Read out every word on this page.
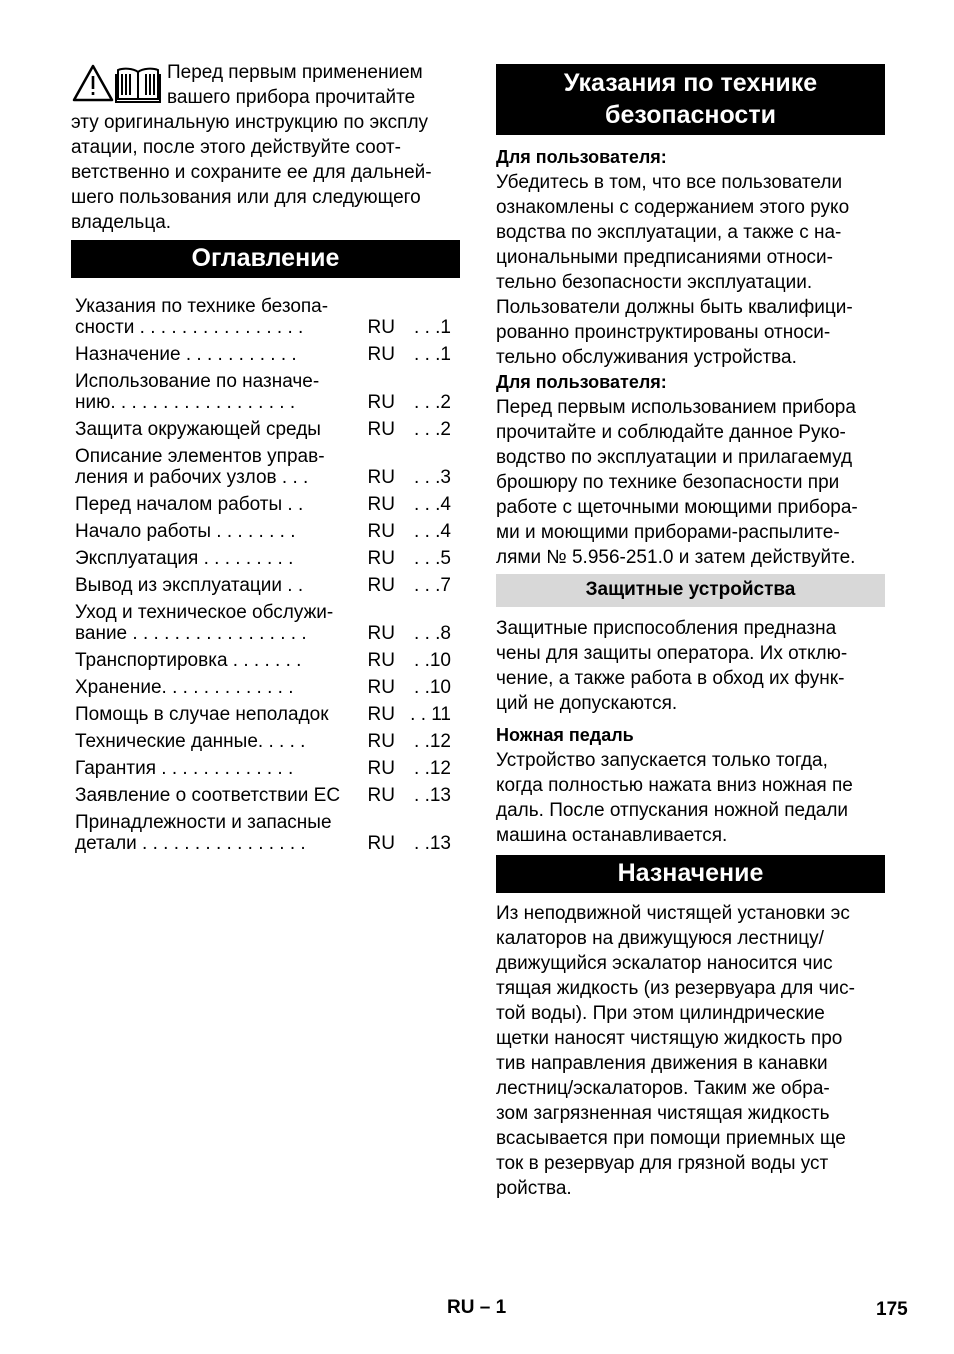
Перед первым применением

вашего прибора прочитайте

эту оригинальную инструкцию по эксплу

атации, после этого действуйте соот-

ветственно и сохраните ее для дальней-

шего пользования или для следующего

владельца.

Оглавление
Указания по технике безопа-
сности . . . . . . . . . . . . . . . .	RU . . .1
Назначение . . . . . . . . . . .	RU . . .1
Использование по назначе-
нию. . . . . . . . . . . . . . . . . .	RU . . .2
Защита окружающей среды	RU . . .2
Описание элементов управ-
ления и рабочих узлов . . .	RU . . .3
Перед началом работы . .	RU . . .4
Начало работы . . . . . . . .	RU . . .4
Эксплуатация . . . . . . . . .	RU . . .5
Вывод из эксплуатации . .	RU . . .7
Уход и техническое обслужи-
вание . . . . . . . . . . . . . . . . .	RU . . .8
Транспортировка . . . . . . .	RU . .10
Хранение. . . . . . . . . . . . .	RU . .10
Помощь в случае неполадок	RU . . 11
Технические данные. . . . .	RU . .12
Гарантия . . . . . . . . . . . . .	RU . .12
Заявление о соответствии ЕС	RU . .13
Принадлежности и запасные
детали . . . . . . . . . . . . . . . .	RU . .13
Указания по технике
безопасности

Для пользователя:

Убедитесь в том, что все пользователи

ознакомлены с содержанием этого руко

водства по эксплуатации, а также с на-

циональными предписаниями относи-

тельно безопасности эксплуатации.

Пользователи должны быть квалифици-

рованно проинструктированы относи-

тельно обслуживания устройства.

Для пользователя:

Перед первым использованием прибора

прочитайте и соблюдайте данное Руко-

водство по эксплуатации и прилагаемуд

брошюру по технике безопасности при

работе с щеточными моющими прибора-

ми и моющими приборами-распылите-

лями № 5.956-251.0 и затем действуйте.

Защитные устройства

Защитные приспособления предназна

чены для защиты оператора. Их отклю-

чение, а также работа в обход их функ-

ций не допускаются.

Ножная педаль

Устройство запускается только тогда,

когда полностью нажата вниз ножная пе

даль. После отпускания ножной педали

машина останавливается.

Назначение

Из неподвижной чистящей установки эс

калаторов на движущуюся лестницу/

движущийся эскалатор наносится чис

тящая жидкость (из резервуара для чис-

той воды). При этом цилиндрические

щетки наносят чистящую жидкость про

тив направления движения в канавки

лестниц/эскалаторов. Таким же обра-

зом загрязненная чистящая жидкость

всасывается при помощи приемных ще

ток в резервуар для грязной воды уст

ройства.

RU – 1	175
